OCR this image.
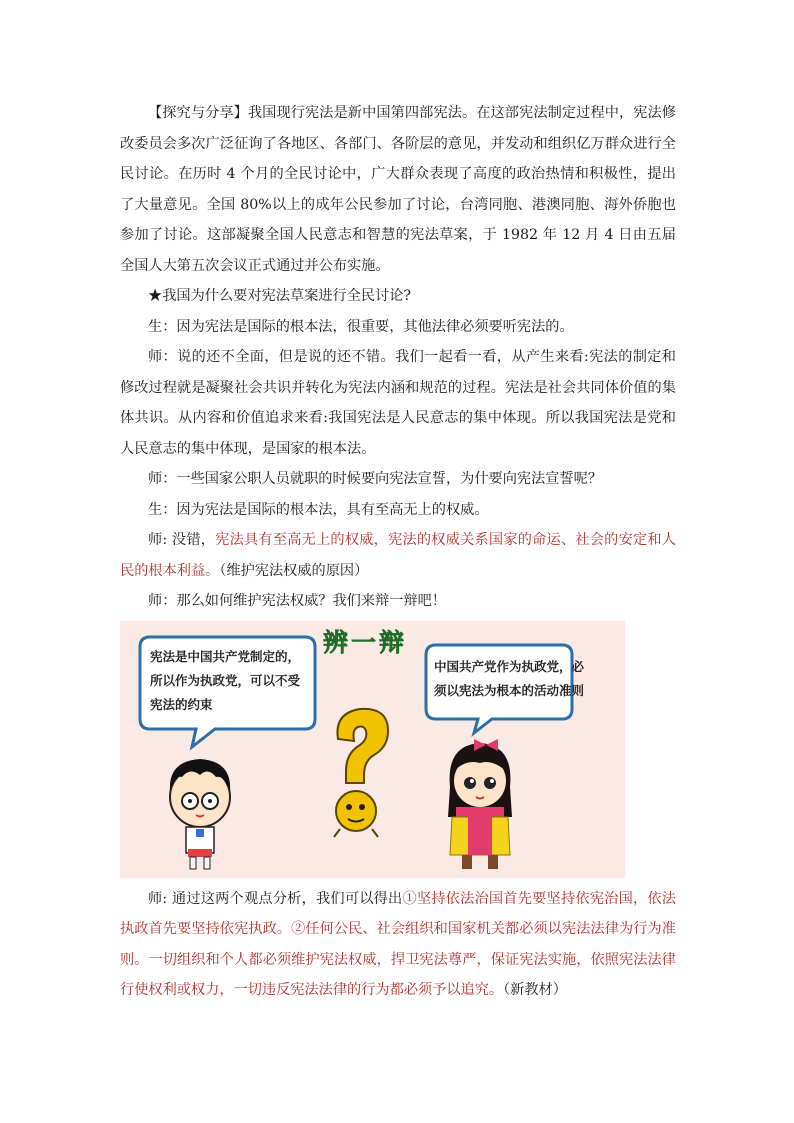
【探究与分享】我国现行宪法是新中国第四部宪法。在这部宪法制定过程中，宪法修改委员会多次广泛征询了各地区、各部门、各阶层的意见，并发动和组织亿万群众进行全民讨论。在历时 4 个月的全民讨论中，广大群众表现了高度的政治热情和积极性，提出了大量意见。全国 80%以上的成年公民参加了讨论，台湾同胞、港澳同胞、海外侨胞也参加了讨论。这部凝聚全国人民意志和智慧的宪法草案，于 1982 年 12 月 4 日由五届全国人大第五次会议正式通过并公布实施。

★我国为什么要对宪法草案进行全民讨论?

生：因为宪法是国际的根本法，很重要，其他法律必须要听宪法的。

师：说的还不全面，但是说的还不错。我们一起看一看，从产生来看:宪法的制定和修改过程就是凝聚社会共识并转化为宪法内涵和规范的过程。宪法是社会共同体价值的集体共识。从内容和价值追求来看:我国宪法是人民意志的集中体现。所以我国宪法是党和人民意志的集中体现，是国家的根本法。

师：一些国家公职人员就职的时候要向宪法宣誓，为什要向宪法宣誓呢？

生：因为宪法是国际的根本法，具有至高无上的权威。

师: 没错，宪法具有至高无上的权威，宪法的权威关系国家的命运、社会的安定和人民的根本利益。（维护宪法权威的原因）

师：那么如何维护宪法权威？我们来辩一辩吧！

辨一辩
宪法是中国共产党制定的，
所以作为执政党，可以不受
宪法的约束
中国共产党作为执政党，必
须以宪法为根本的活动准则

师: 通过这两个观点分析，我们可以得出①坚持依法治国首先要坚持依宪治国，依法执政首先要坚持依宪执政。②任何公民、社会组织和国家机关都必须以宪法法律为行为准则。一切组织和个人都必须维护宪法权威，捍卫宪法尊严，保证宪法实施，依照宪法法律行使权利或权力，一切违反宪法法律的行为都必须予以追究。（新教材）
